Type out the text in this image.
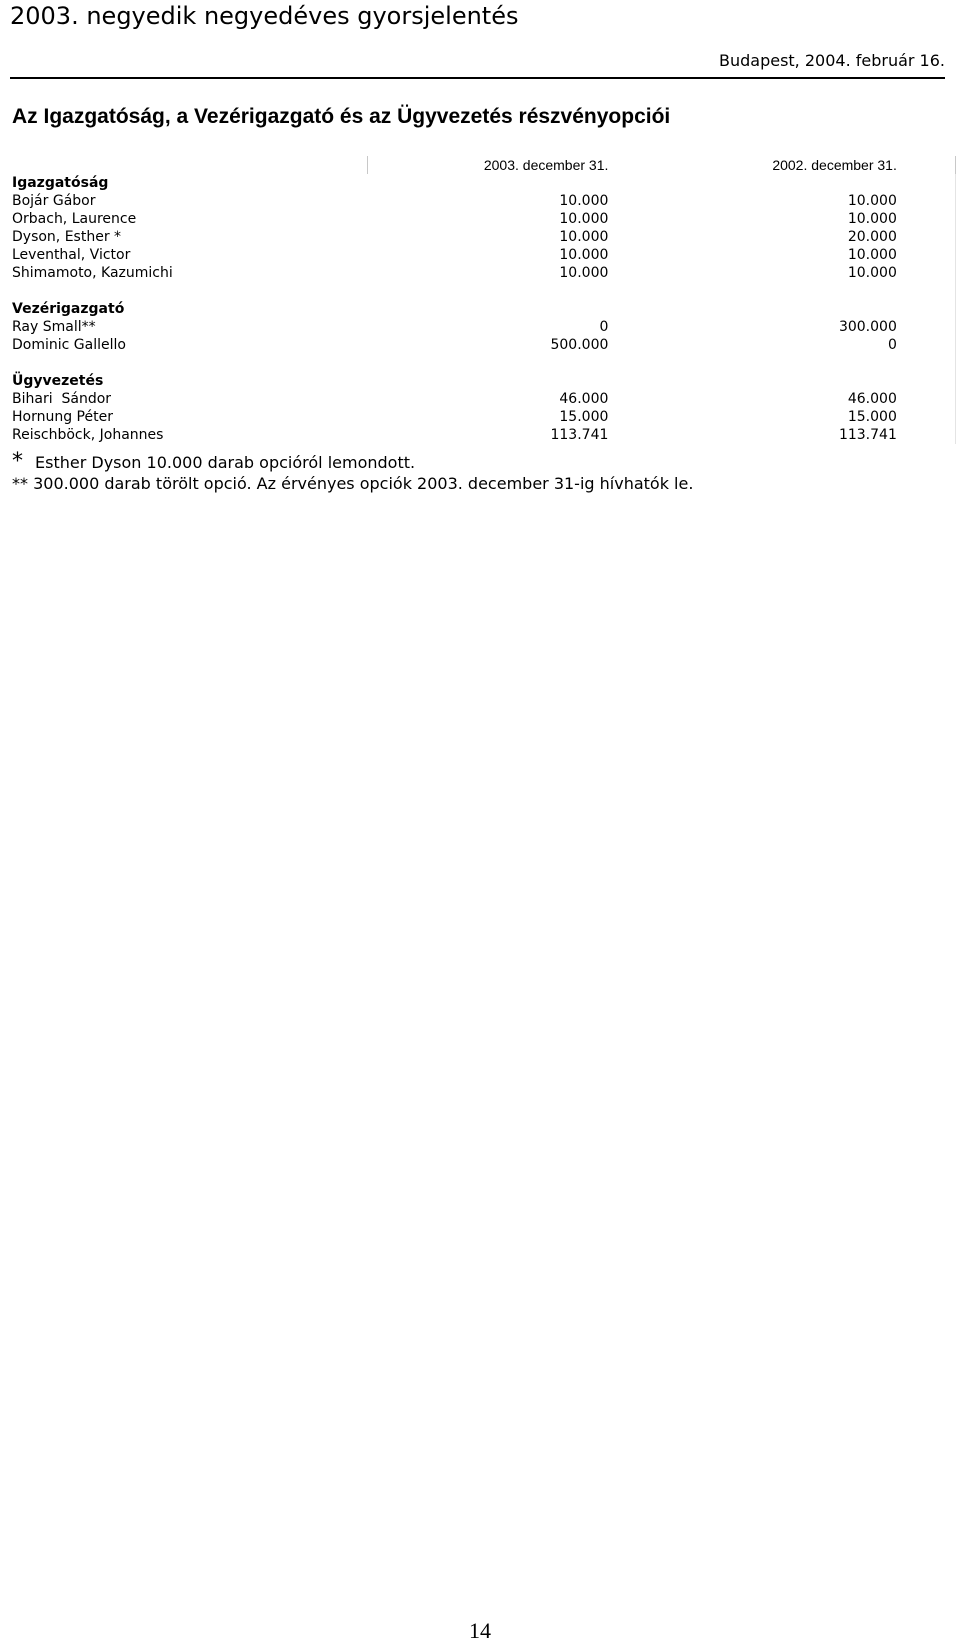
2003. negyedik negyedéves gyorsjelentés
Budapest, 2004. február 16.
Az Igazgatóság, a Vezérigazgató és az Ügyvezetés részvényopciói
	2003. december 31.	2002. december 31.	
Igazgatóság			
Bojár Gábor	10.000	10.000	
Orbach, Laurence	10.000	10.000	
Dyson, Esther *	10.000	20.000	
Leventhal, Victor	10.000	10.000	
Shimamoto, Kazumichi	10.000	10.000	

Vezérigazgató			
Ray Small**	0	300.000	
Dominic Gallello	500.000	0	

Ügyvezetés			
Bihari  Sándor	46.000	46.000	
Hornung Péter	15.000	15.000	
Reischböck, Johannes	113.741	113.741	
* Esther Dyson 10.000 darab opcióról lemondott.
** 300.000 darab törölt opció. Az érvényes opciók 2003. december 31-ig hívhatók le.
14
